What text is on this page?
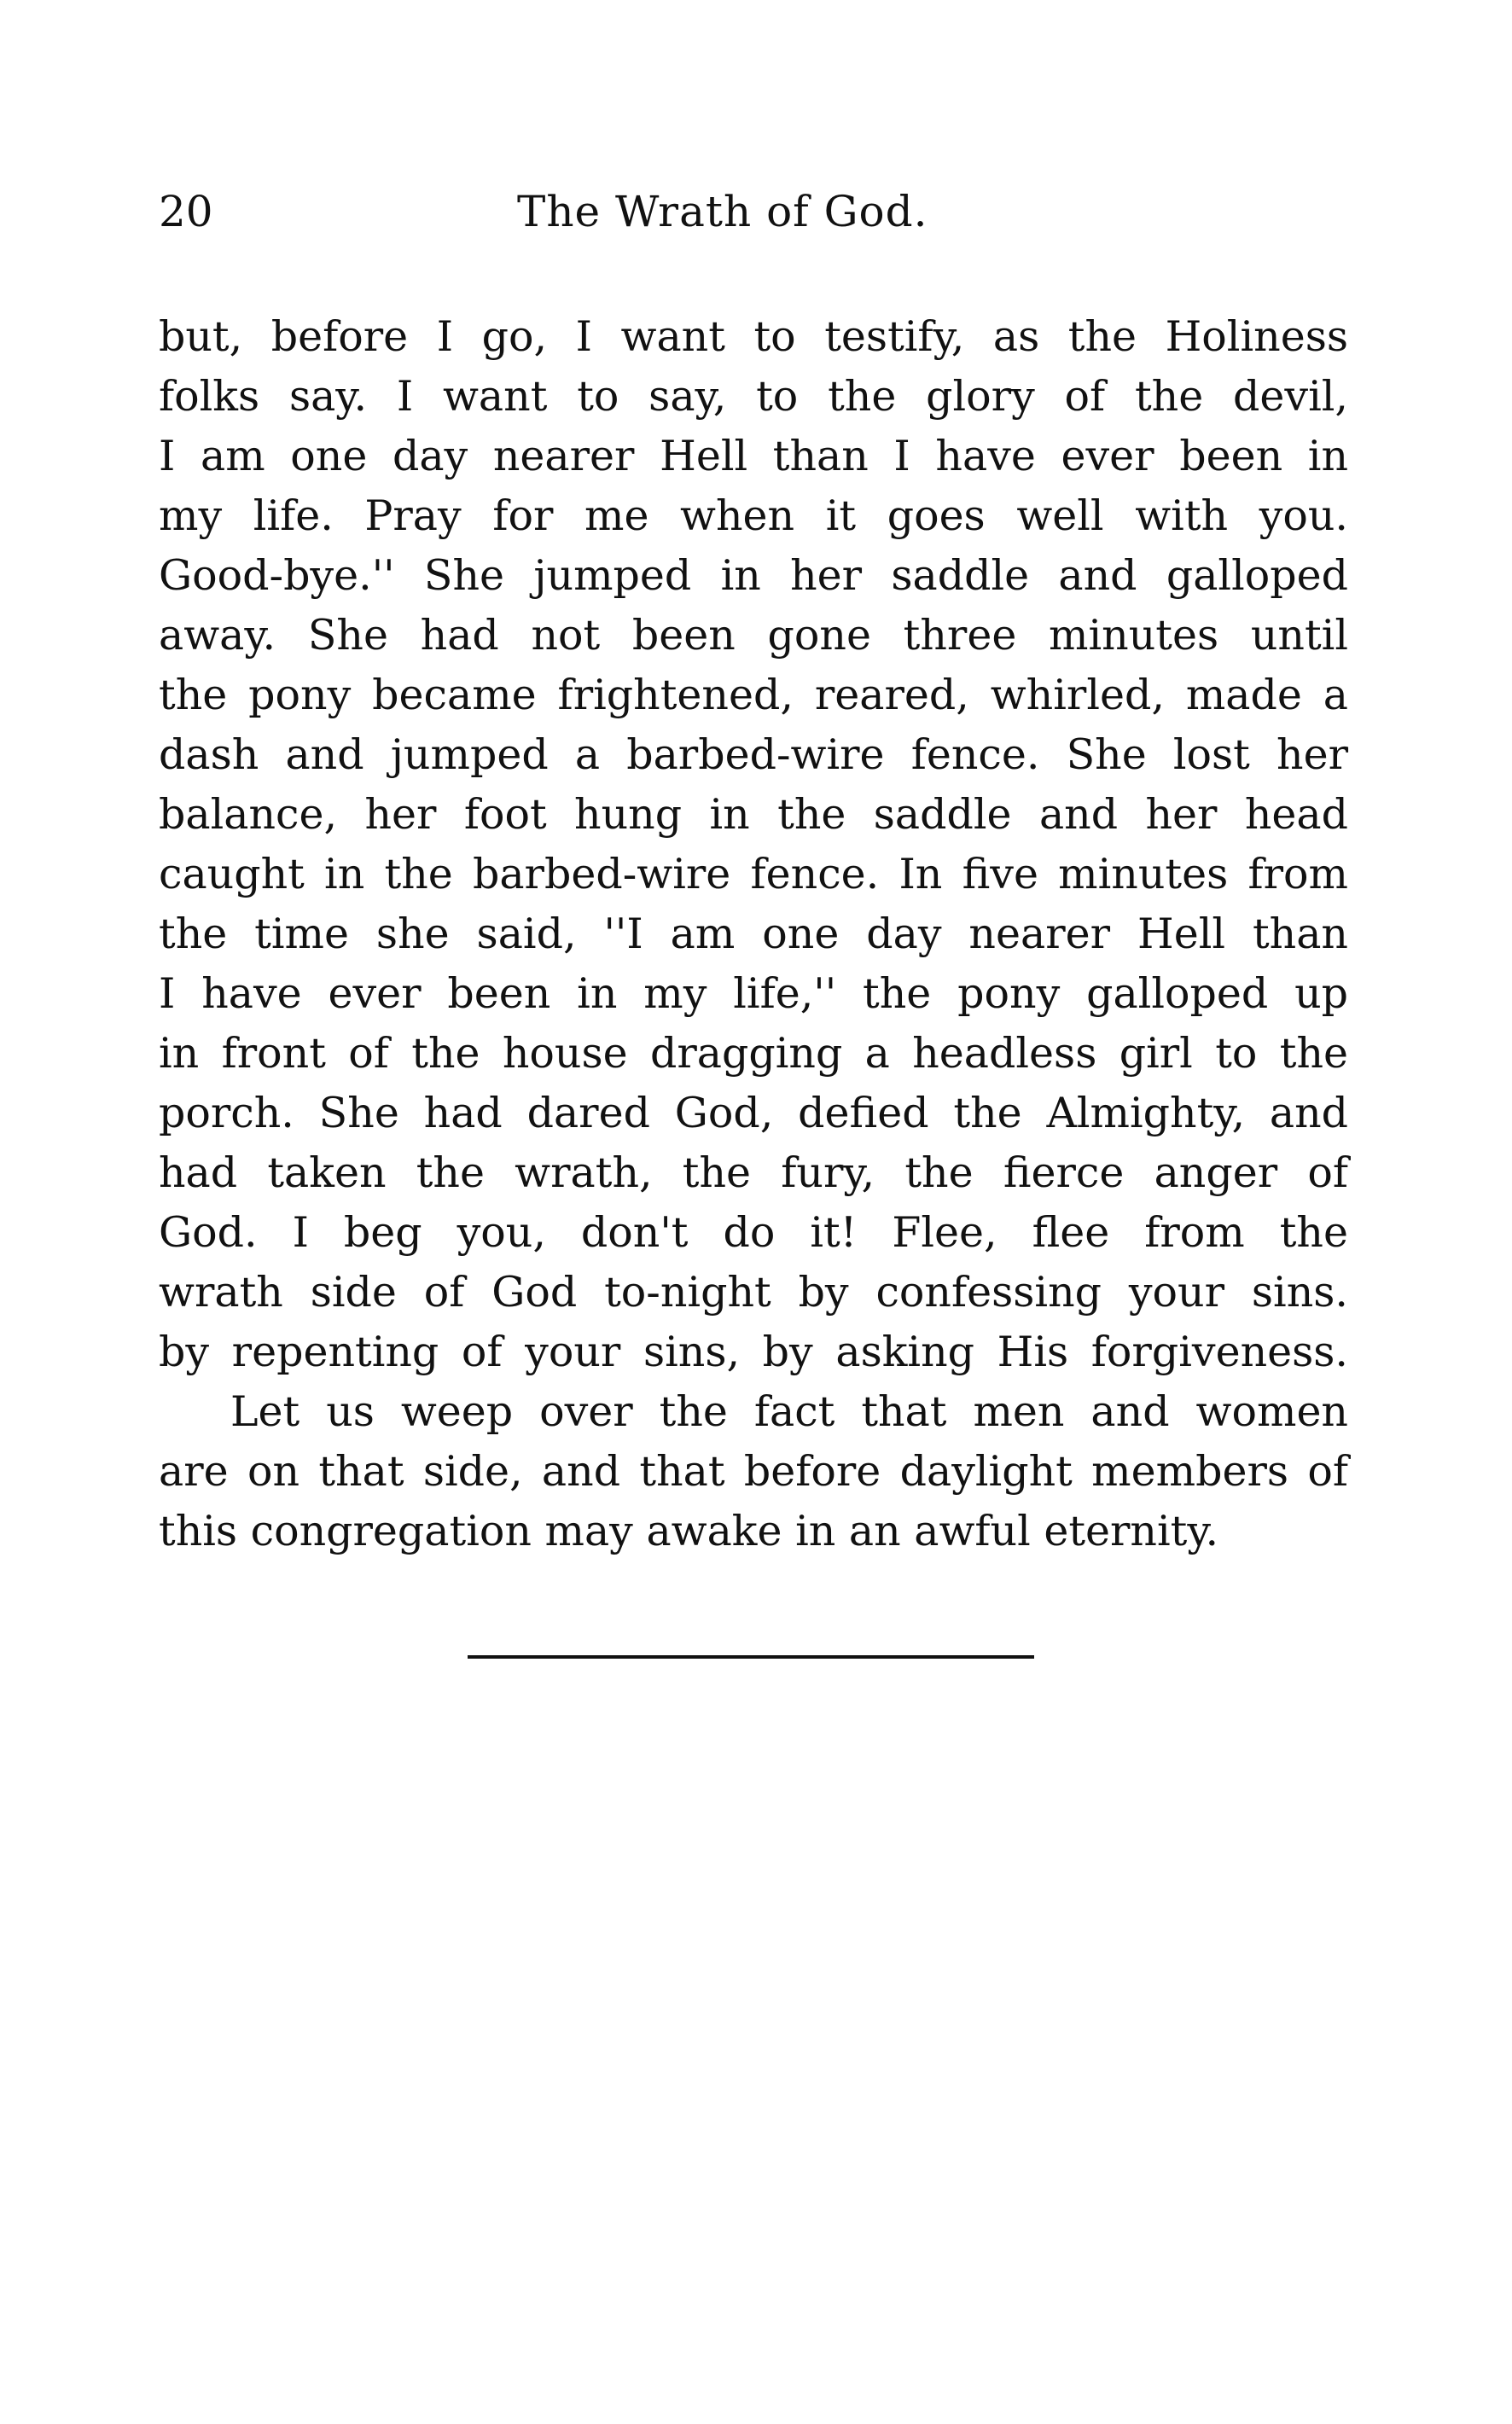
20	The Wrath of God.
but, before I go, I want to testify, as the Holiness
folks say. I want to say, to the glory of the devil,
I am one day nearer Hell than I have ever been in
my life. Pray for me when it goes well with you.
Good-bye.'' She jumped in her saddle and galloped
away. She had not been gone three minutes until
the pony became frightened, reared, whirled, made a
dash and jumped a barbed-wire fence. She lost her
balance, her foot hung in the saddle and her head
caught in the barbed-wire fence. In five minutes from
the time she said, ''I am one day nearer Hell than
I have ever been in my life,'' the pony galloped up
in front of the house dragging a headless girl to the
porch. She had dared God, defied the Almighty, and
had taken the wrath, the fury, the fierce anger of
God. I beg you, don't do it! Flee, flee from the
wrath side of God to-night by confessing your sins.
by repenting of your sins, by asking His forgiveness.
Let us weep over the fact that men and women
are on that side, and that before daylight members of
this congregation may awake in an awful eternity.
